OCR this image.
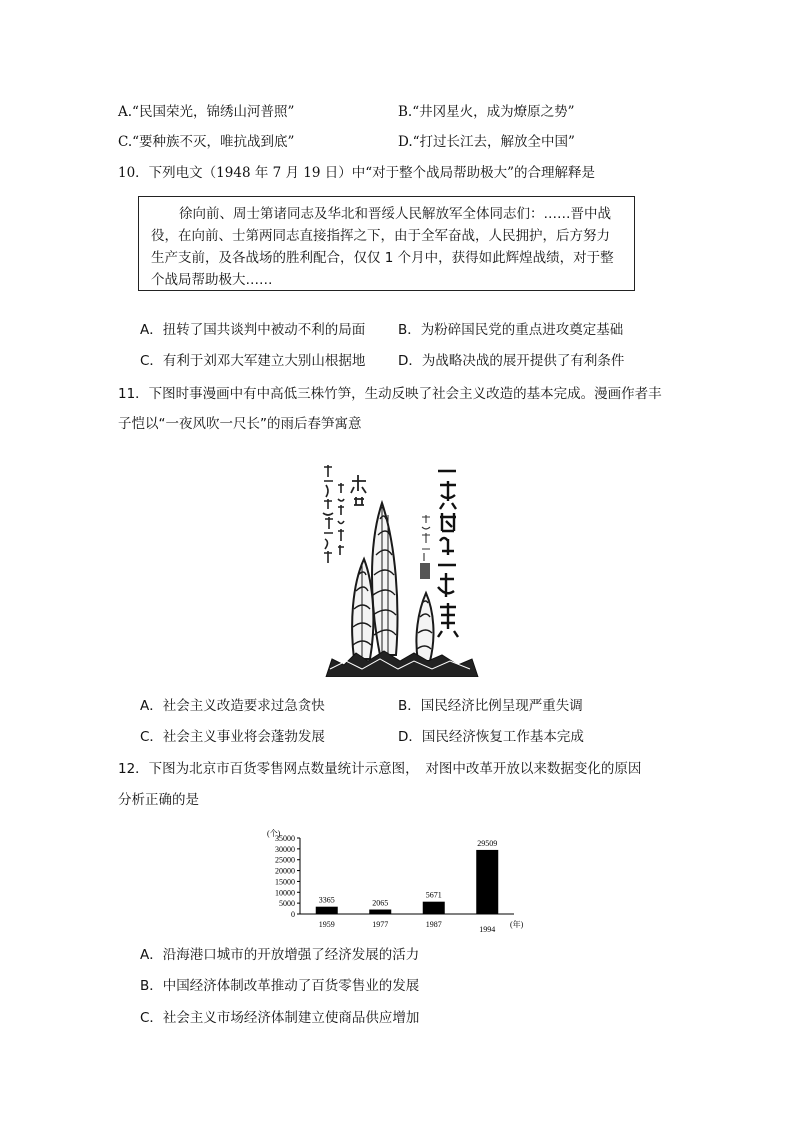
A.“民国荣光，锦绣山河普照”	B.“井冈星火，成为燎原之势”
C.“要种族不灭，唯抗战到底”	D.“打过长江去，解放全中国”
10．下列电文（1948 年 7 月 19 日）中“对于整个战局帮助极大”的合理解释是
徐向前、周士第诸同志及华北和晋绥人民解放军全体同志们：……晋中战
役，在向前、士第两同志直接指挥之下，由于全军奋战，人民拥护，后方努力
生产支前，及各战场的胜利配合，仅仅 1 个月中，获得如此辉煌战绩，对于整
个战局帮助极大……
A．扭转了国共谈判中被动不利的局面 B．为粉碎国民党的重点进攻奠定基础
C．有利于刘邓大军建立大别山根据地 D．为战略决战的展开提供了有利条件
11．下图时事漫画中有中高低三株竹笋，生动反映了社会主义改造的基本完成。漫画作者丰
子恺以“一夜风吹一尺长”的雨后春笋寓意
A．社会主义改造要求过急贪快	B．国民经济比例呈现严重失调
C．社会主义事业将会蓬勃发展	D．国民经济恢复工作基本完成
12．下图为北京市百货零售网点数量统计示意图，　对图中改革开放以来数据变化的原因
分析正确的是
(个)
(年)
0
5000
10000
15000
20000
25000
30000
35000
3365
1959
2065
1977
5671
1987
29509
1994
A．沿海港口城市的开放增强了经济发展的活力
B．中国经济体制改革推动了百货零售业的发展
C．社会主义市场经济体制建立使商品供应增加
